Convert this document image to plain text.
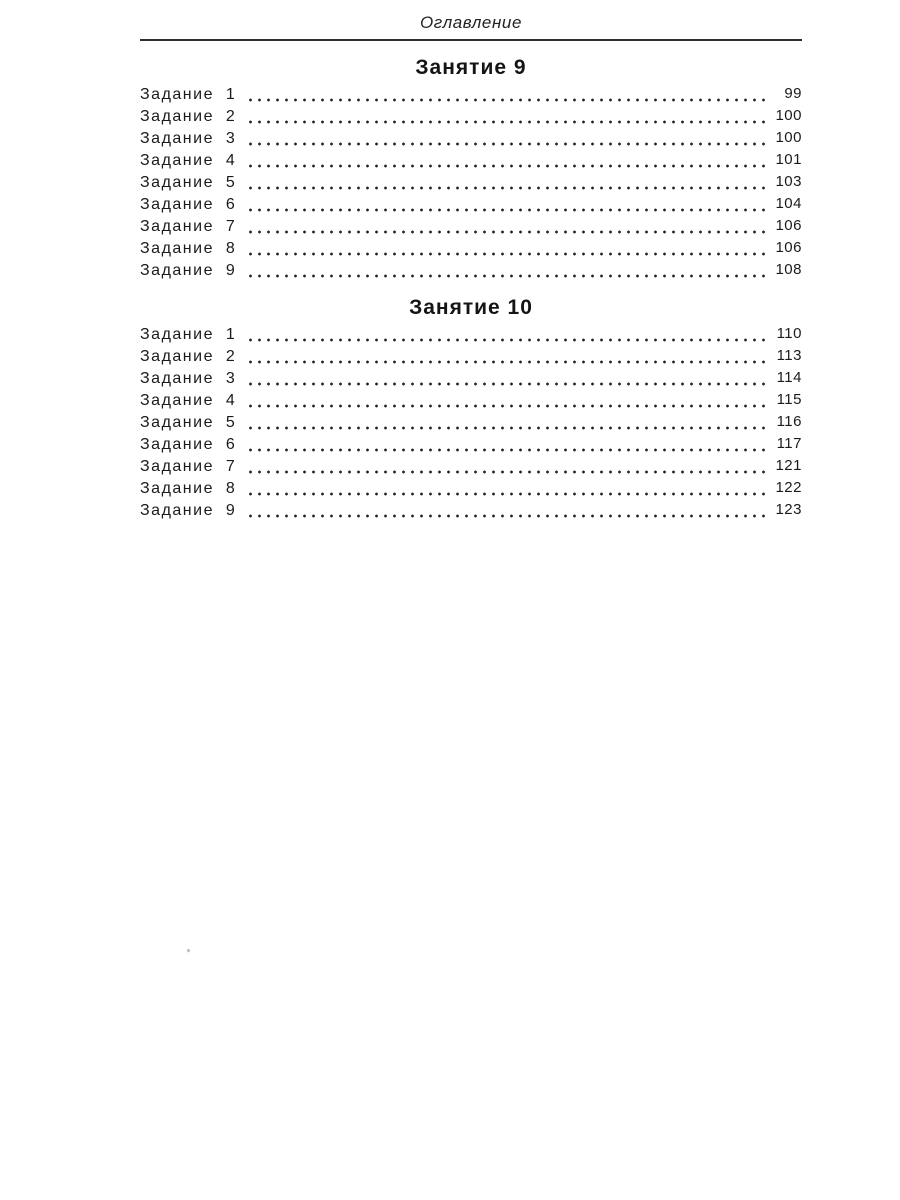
Оглавление
Занятие 9
Задание 1	99
Задание 2	100
Задание 3	100
Задание 4	101
Задание 5	103
Задание 6	104
Задание 7	106
Задание 8	106
Задание 9	108
Занятие 10
Задание 1	110
Задание 2	113
Задание 3	114
Задание 4	115
Задание 5	116
Задание 6	117
Задание 7	121
Задание 8	122
Задание 9	123
